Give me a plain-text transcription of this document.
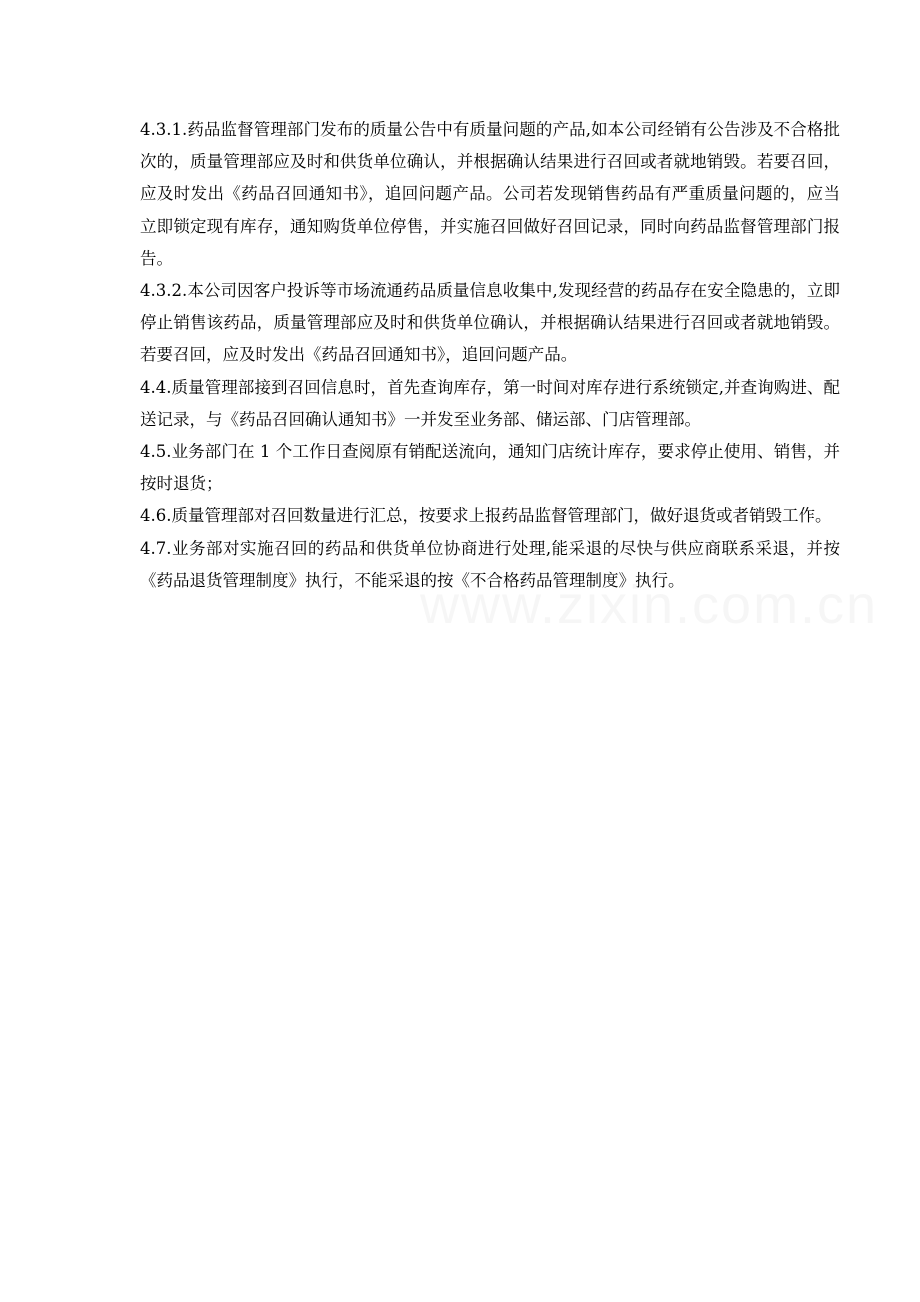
4.3.1.药品监督管理部门发布的质量公告中有质量问题的产品,如本公司经销有公告涉及不合格批次的，质量管理部应及时和供货单位确认，并根据确认结果进行召回或者就地销毁。若要召回，应及时发出《药品召回通知书》，追回问题产品。公司若发现销售药品有严重质量问题的，应当立即锁定现有库存，通知购货单位停售，并实施召回做好召回记录，同时向药品监督管理部门报告。

4.3.2.本公司因客户投诉等市场流通药品质量信息收集中,发现经营的药品存在安全隐患的，立即停止销售该药品，质量管理部应及时和供货单位确认，并根据确认结果进行召回或者就地销毁。若要召回，应及时发出《药品召回通知书》，追回问题产品。

4.4.质量管理部接到召回信息时，首先查询库存，第一时间对库存进行系统锁定,并查询购进、配送记录，与《药品召回确认通知书》一并发至业务部、储运部、门店管理部。

4.5.业务部门在 1 个工作日查阅原有销配送流向，通知门店统计库存，要求停止使用、销售，并按时退货；

4.6.质量管理部对召回数量进行汇总，按要求上报药品监督管理部门，做好退货或者销毁工作。

4.7.业务部对实施召回的药品和供货单位协商进行处理,能采退的尽快与供应商联系采退，并按《药品退货管理制度》执行，不能采退的按《不合格药品管理制度》执行。
